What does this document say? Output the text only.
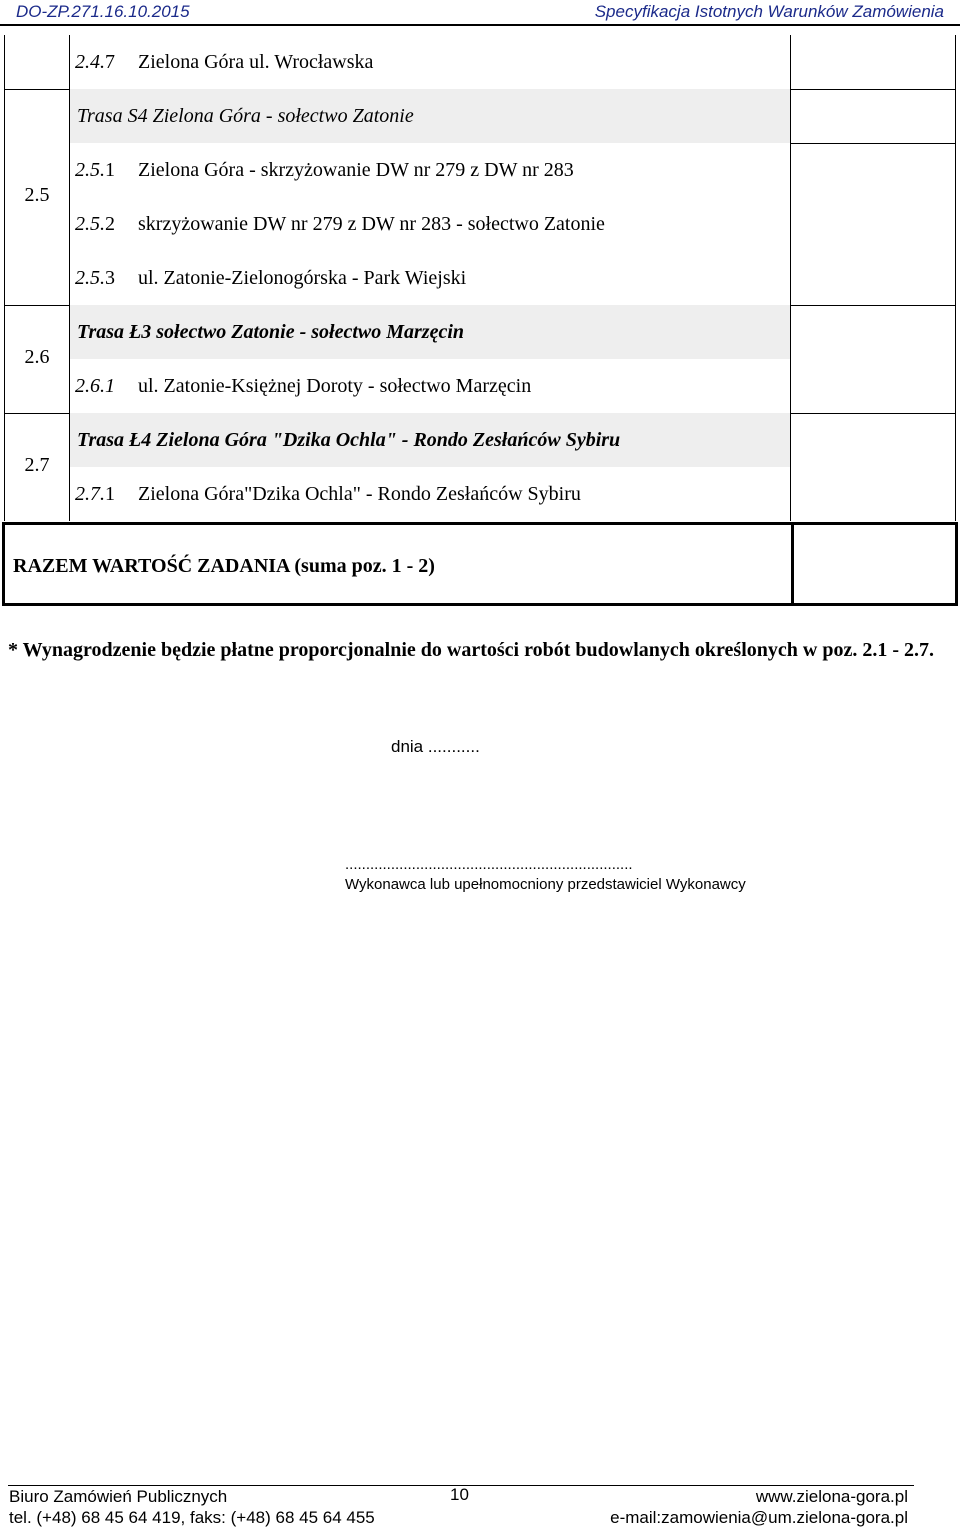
DO-ZP.271.16.10.2015	Specyfikacja Istotnych Warunków Zamówienia
2.5
2.6
2.7
2.4.7 Zielona Góra ul. Wrocławska
Trasa S4 Zielona Góra - sołectwo Zatonie
2.5.1 Zielona Góra - skrzyżowanie DW nr 279 z DW nr 283
2.5.2 skrzyżowanie DW nr 279 z DW nr 283 - sołectwo Zatonie
2.5.3 ul. Zatonie-Zielonogórska - Park Wiejski
Trasa Ł3 sołectwo Zatonie - sołectwo Marzęcin
2.6.1 ul. Zatonie-Księżnej Doroty - sołectwo Marzęcin
Trasa Ł4 Zielona Góra "Dzika Ochla" - Rondo Zesłańców Sybiru
2.7.1 Zielona Góra"Dzika Ochla" - Rondo Zesłańców Sybiru
RAZEM WARTOŚĆ ZADANIA (suma poz. 1 - 2)
* Wynagrodzenie będzie płatne proporcjonalnie do wartości robót budowlanych określonych w poz. 2.1 - 2.7.
dnia ...........
.....................................................................
Wykonawca lub upełnomocniony przedstawiciel Wykonawcy
Biuro Zamówień Publicznych
tel. (+48) 68 45 64 419, faks: (+48) 68 45 64 455
10	www.zielona-gora.pl
e-mail:zamowienia@um.zielona-gora.pl
